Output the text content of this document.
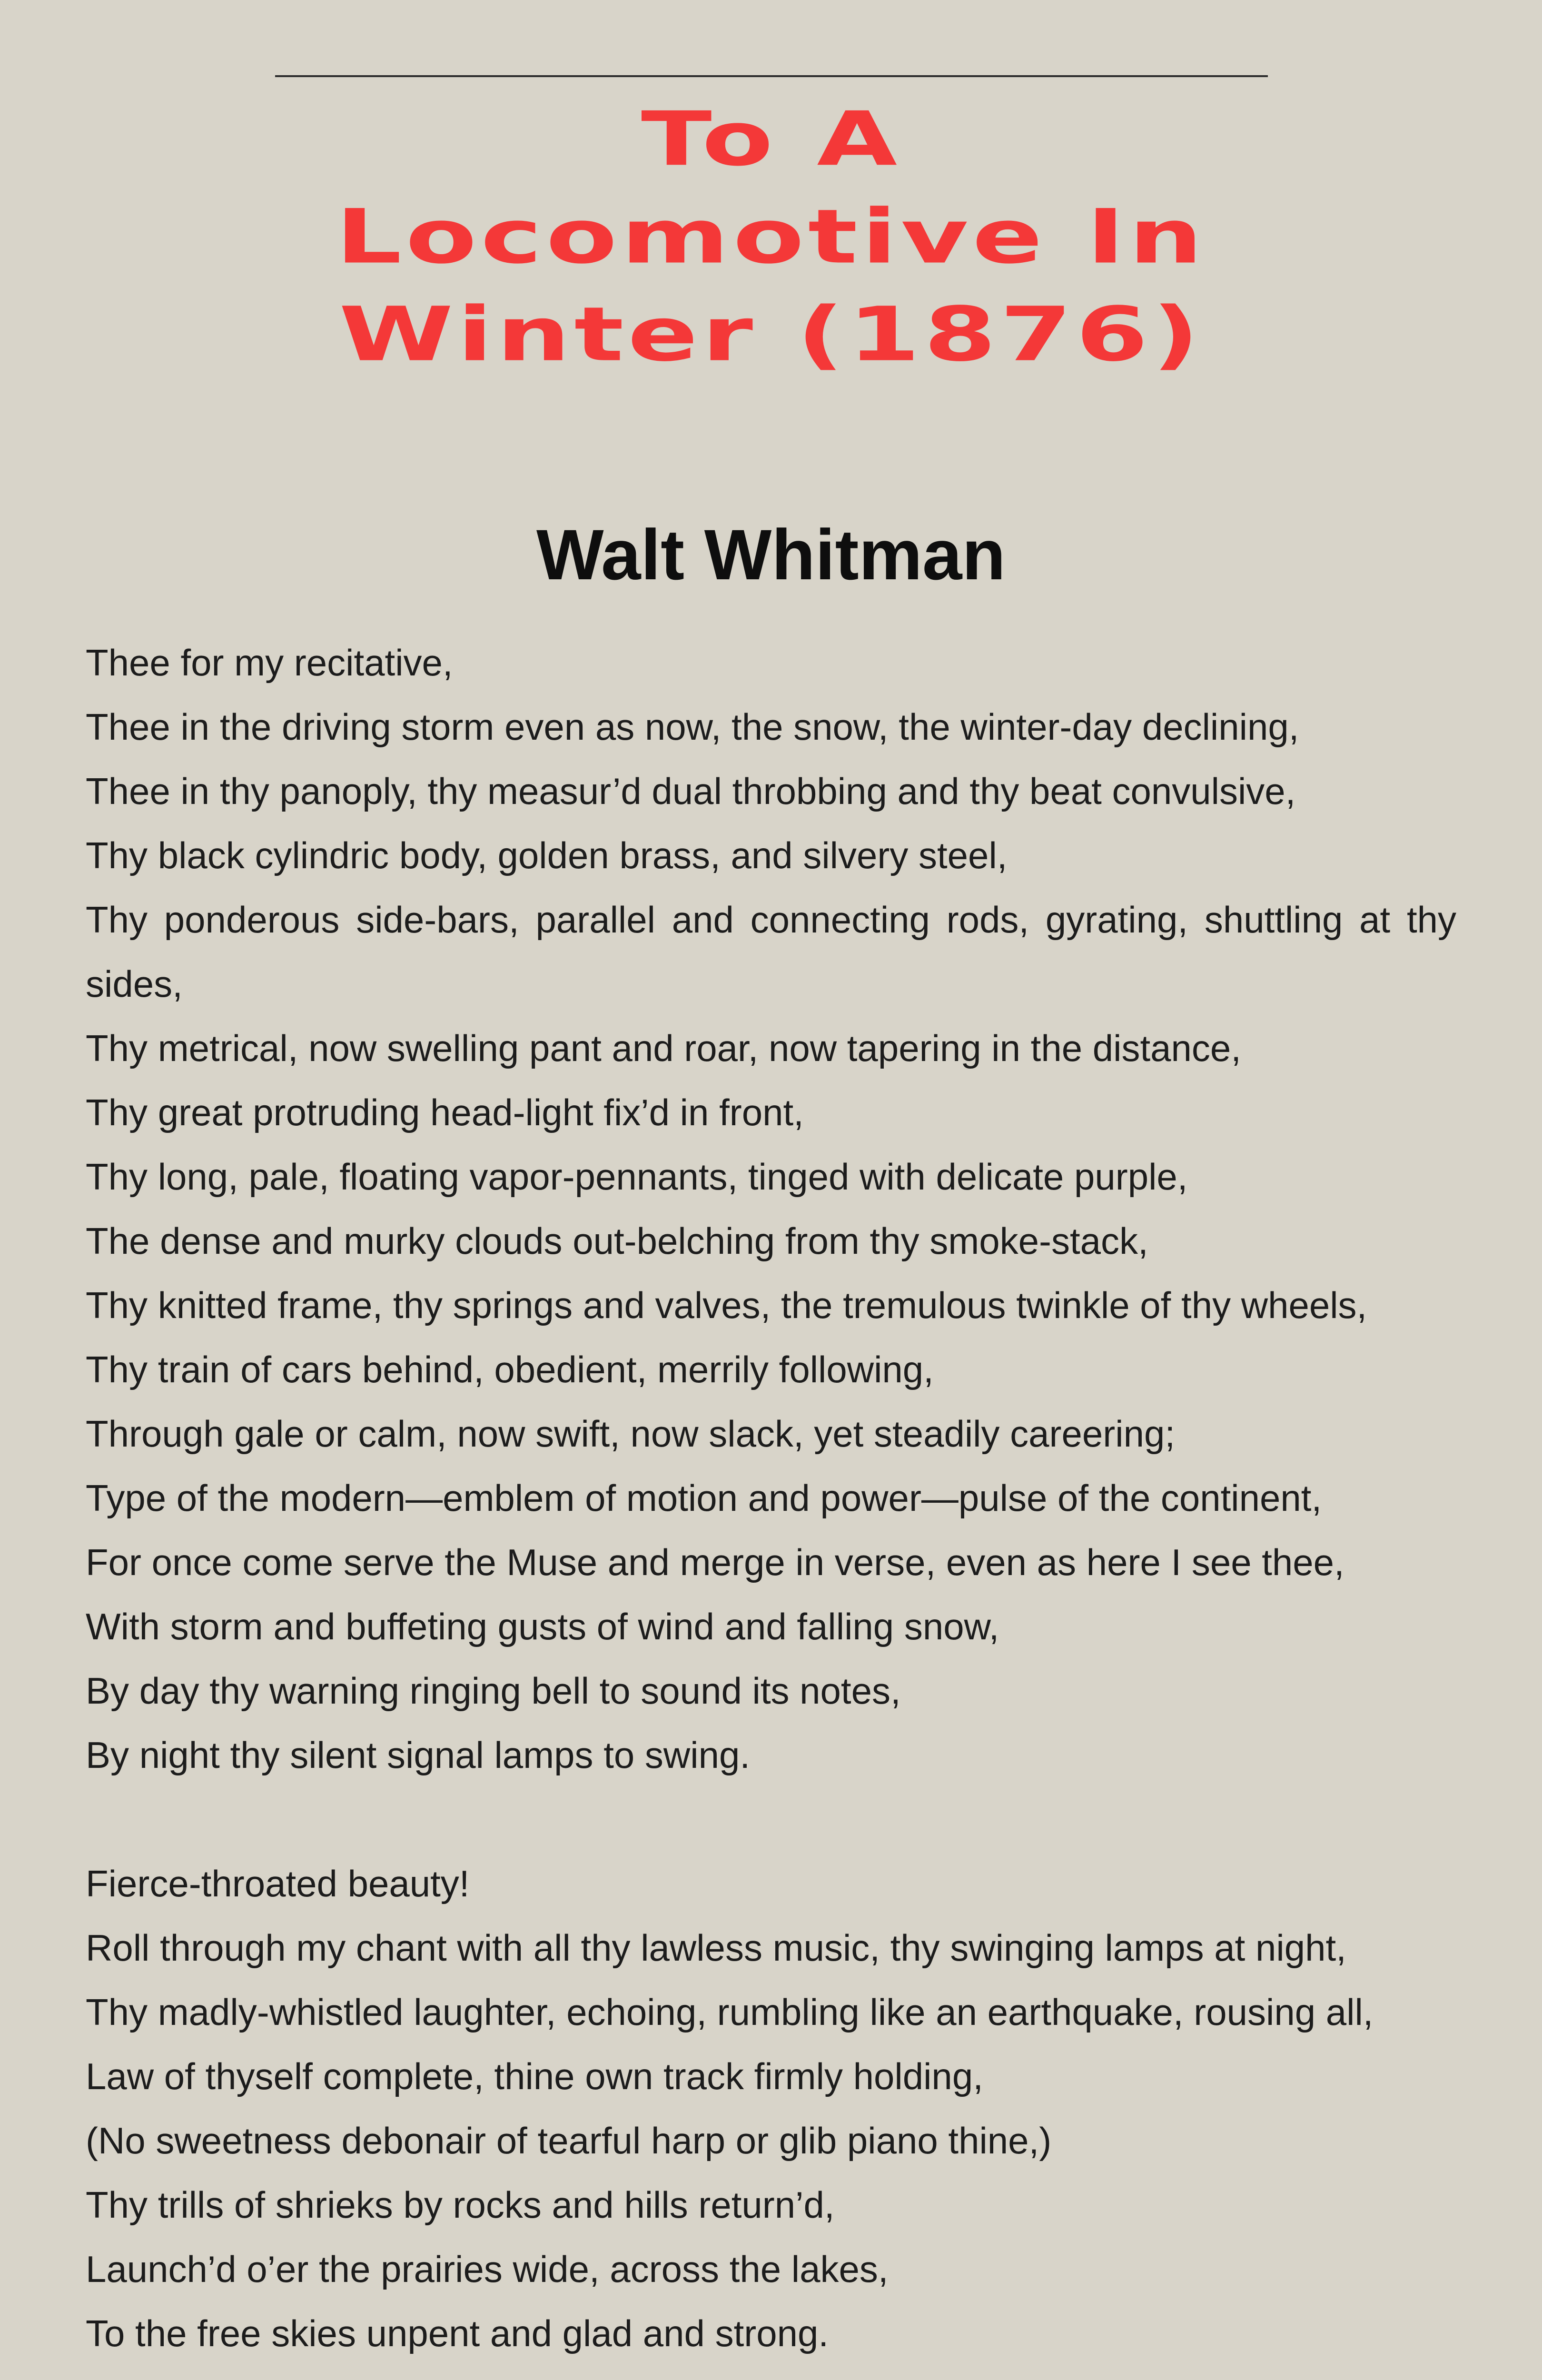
To A
Locomotive In
Winter (1876)
Walt Whitman

Thee for my recitative,

Thee in the driving storm even as now, the snow, the winter-day declining,

Thee in thy panoply, thy measur’d dual throbbing and thy beat convulsive,

Thy black cylindric body, golden brass, and silvery steel,

Thy ponderous side-bars, parallel and connecting rods, gyrating, shuttling at thy sides,

Thy metrical, now swelling pant and roar, now tapering in the distance,

Thy great protruding head-light fix’d in front,

Thy long, pale, floating vapor-pennants, tinged with delicate purple,

The dense and murky clouds out-belching from thy smoke-stack,

Thy knitted frame, thy springs and valves, the tremulous twinkle of thy wheels,

Thy train of cars behind, obedient, merrily following,

Through gale or calm, now swift, now slack, yet steadily careering;

Type of the modern—emblem of motion and power—pulse of the continent,

For once come serve the Muse and merge in verse, even as here I see thee,

With storm and buffeting gusts of wind and falling snow,

By day thy warning ringing bell to sound its notes,

By night thy silent signal lamps to swing.

Fierce-throated beauty!

Roll through my chant with all thy lawless music, thy swinging lamps at night,

Thy madly-whistled laughter, echoing, rumbling like an earthquake, rousing all,

Law of thyself complete, thine own track firmly holding,

(No sweetness debonair of tearful harp or glib piano thine,)

Thy trills of shrieks by rocks and hills return’d,

Launch’d o’er the prairies wide, across the lakes,

To the free skies unpent and glad and strong.
